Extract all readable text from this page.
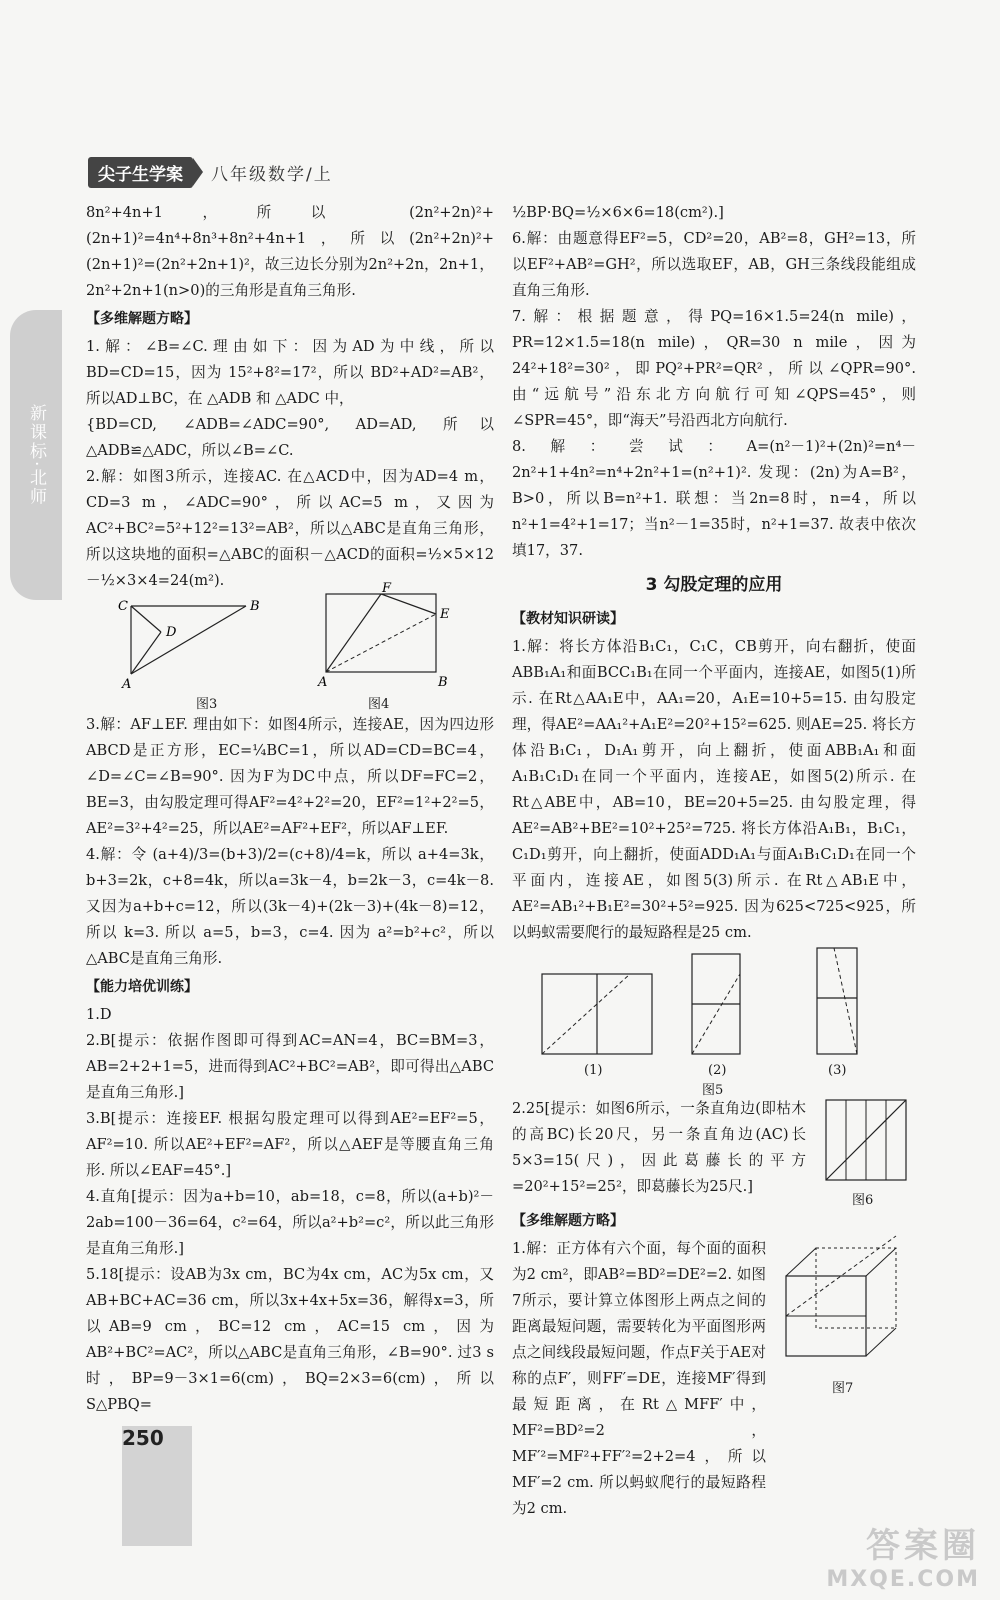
新课标·北师
尖子生学案	八年级数学/上

8n²+4n+1，所以 (2n²+2n)²+(2n+1)²=4n⁴+8n³+8n²+4n+1，所以(2n²+2n)²+(2n+1)²=(2n²+2n+1)²，故三边长分别为2n²+2n，2n+1，2n²+2n+1(n>0)的三角形是直角三角形.

【多维解题方略】

1.解：∠B=∠C.理由如下：因为AD为中线，所以BD=CD=15，因为 15²+8²=17²，所以 BD²+AD²=AB²，所以AD⊥BC，在 △ADB 和 △ADC 中，

{BD=CD, ∠ADB=∠ADC=90°, AD=AD, 所以△ADB≌△ADC，所以∠B=∠C.

2.解：如图3所示，连接AC. 在△ACD中，因为AD=4 m，CD=3 m，∠ADC=90°，所以AC=5 m，又因为AC²+BC²=5²+12²=13²=AB²，所以△ABC是直角三角形，所以这块地的面积=△ABC的面积－△ACD的面积=½×5×12－½×3×4=24(m²).

C	B
D
A
F
E
A	B
图3	图4

3.解：AF⊥EF. 理由如下：如图4所示，连接AE，因为四边形ABCD是正方形，EC=¼BC=1，所以AD=CD=BC=4，∠D=∠C=∠B=90°. 因为F为DC中点，所以DF=FC=2，BE=3，由勾股定理可得AF²=4²+2²=20，EF²=1²+2²=5，AE²=3²+4²=25，所以AE²=AF²+EF²，所以AF⊥EF.

4.解：令 (a+4)/3=(b+3)/2=(c+8)/4=k，所以 a+4=3k，b+3=2k，c+8=4k，所以a=3k－4，b=2k－3，c=4k－8. 又因为a+b+c=12，所以(3k－4)+(2k－3)+(4k－8)=12，所以 k=3. 所以 a=5，b=3，c=4. 因为 a²=b²+c²，所以△ABC是直角三角形.

【能力培优训练】

1.D

2.B[提示：依据作图即可得到AC=AN=4，BC=BM=3，AB=2+2+1=5，进而得到AC²+BC²=AB²，即可得出△ABC是直角三角形.]

3.B[提示：连接EF. 根据勾股定理可以得到AE²=EF²=5，AF²=10. 所以AE²+EF²=AF²，所以△AEF是等腰直角三角形. 所以∠EAF=45°.]

4.直角[提示：因为a+b=10，ab=18，c=8，所以(a+b)²－2ab=100－36=64，c²=64，所以a²+b²=c²，所以此三角形是直角三角形.]

5.18[提示：设AB为3x cm，BC为4x cm，AC为5x cm，又AB+BC+AC=36 cm，所以3x+4x+5x=36，解得x=3，所以AB=9 cm，BC=12 cm，AC=15 cm，因为AB²+BC²=AC²，所以△ABC是直角三角形，∠B=90°. 过3 s时，BP=9－3×1=6(cm)，BQ=2×3=6(cm)，所以 S△PBQ=

½BP·BQ=½×6×6=18(cm²).]

6.解：由题意得EF²=5，CD²=20，AB²=8，GH²=13，所以EF²+AB²=GH²，所以选取EF，AB，GH三条线段能组成直角三角形.

7.解：根据题意，得PQ=16×1.5=24(n mile)，PR=12×1.5=18(n mile)，QR=30 n mile，因为 24²+18²=30²，即PQ²+PR²=QR²，所以∠QPR=90°. 由“远航号”沿东北方向航行可知∠QPS=45°，则∠SPR=45°，即“海天”号沿西北方向航行.

8.解：尝试：A=(n²－1)²+(2n)²=n⁴－2n²+1+4n²=n⁴+2n²+1=(n²+1)². 发现：(2n)为A=B²，B>0，所以B=n²+1. 联想：当2n=8时，n=4，所以n²+1=4²+1=17；当n²－1=35时，n²+1=37. 故表中依次填17，37.

3 勾股定理的应用
【教材知识研读】

1.解：将长方体沿B₁C₁，C₁C，CB剪开，向右翻折，使面ABB₁A₁和面BCC₁B₁在同一个平面内，连接AE，如图5(1)所示. 在Rt△AA₁E中，AA₁=20，A₁E=10+5=15. 由勾股定理，得AE²=AA₁²+A₁E²=20²+15²=625. 则AE=25. 将长方体沿B₁C₁，D₁A₁剪开，向上翻折，使面ABB₁A₁和面A₁B₁C₁D₁在同一个平面内，连接AE，如图5(2)所示. 在Rt△ABE中，AB=10，BE=20+5=25. 由勾股定理，得AE²=AB²+BE²=10²+25²=725. 将长方体沿A₁B₁，B₁C₁，C₁D₁剪开，向上翻折，使面ADD₁A₁与面A₁B₁C₁D₁在同一个平面内，连接AE，如图5(3)所示. 在Rt△AB₁E中，AE²=AB₁²+B₁E²=30²+5²=925. 因为625<725<925，所以蚂蚁需要爬行的最短路程是25 cm.

(1)	(2)	(3)
图5

2.25[提示：如图6所示，一条直角边(即枯木的高BC)长20尺，另一条直角边(AC)长5×3=15(尺)，因此葛藤长的平方=20²+15²=25²，即葛藤长为25尺.]

图6
【多维解题方略】

1.解：正方体有六个面，每个面的面积为2 cm²，即AB²=BD²=DE²=2. 如图7所示，要计算立体图形上两点之间的距离最短问题，需要转化为平面图形两点之间线段最短问题，作点F关于AE对称的点F′，则FF′=DE，连接MF′得到最短距离，在Rt△MFF′中，MF²=BD²=2，MF′²=MF²+FF′²=2+2=4，所以MF′=2 cm. 所以蚂蚁爬行的最短路程为2 cm.

图7
250
答案圈
MXQE.COM
